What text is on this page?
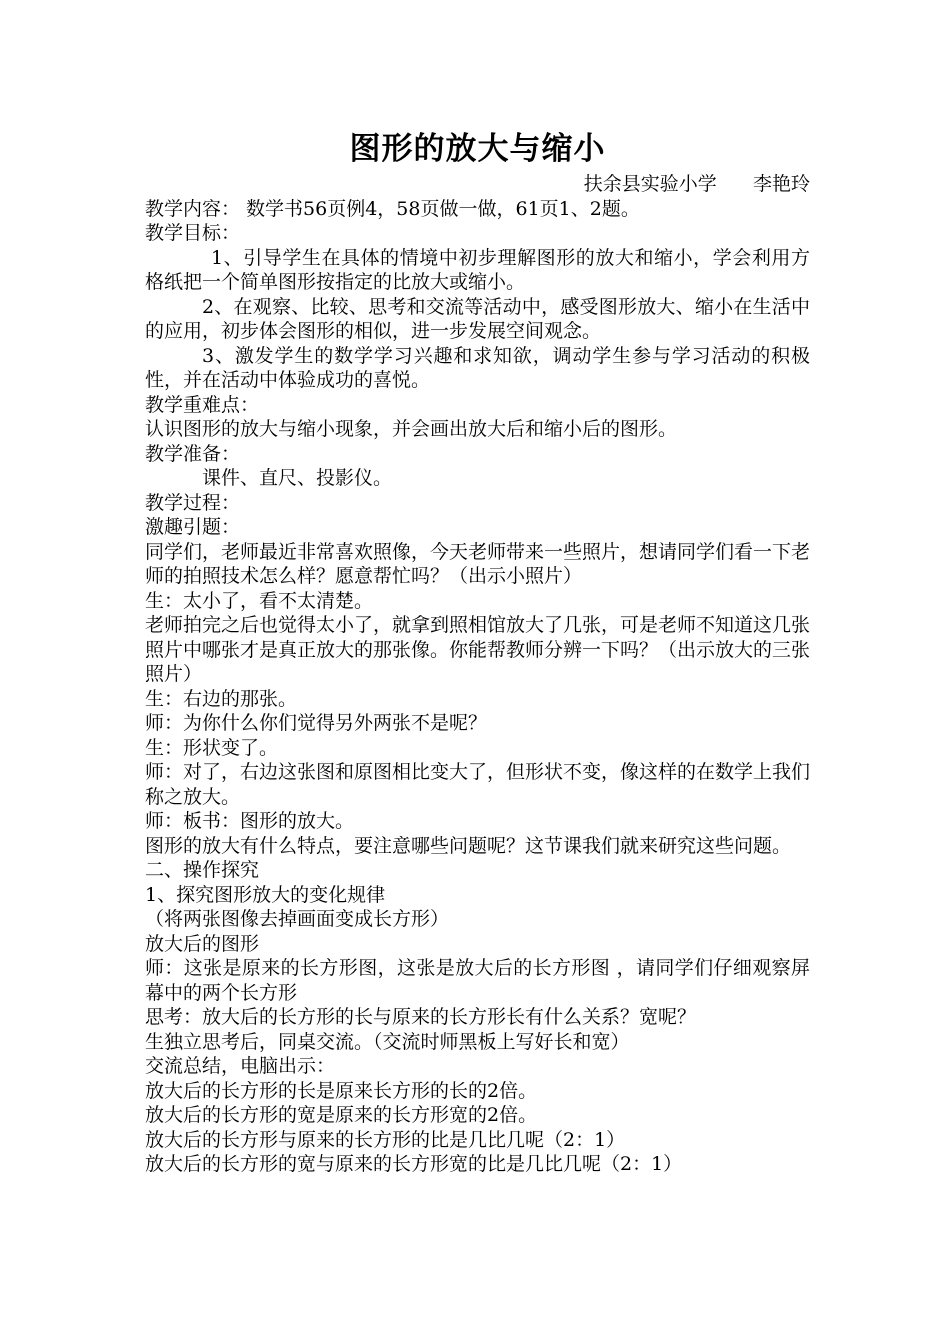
图形的放大与缩小

扶余县实验小学      李艳玲

教学内容： 数学书56页例4，58页做一做，61页1、2题。

教学目标：

1、引导学生在具体的情境中初步理解图形的放大和缩小，学会利用方格纸把一个简单图形按指定的比放大或缩小。

2、在观察、比较、思考和交流等活动中，感受图形放大、缩小在生活中的应用，初步体会图形的相似，进一步发展空间观念。

3、激发学生的数学学习兴趣和求知欲，调动学生参与学习活动的积极性，并在活动中体验成功的喜悦。

教学重难点：

认识图形的放大与缩小现象，并会画出放大后和缩小后的图形。

教学准备：

课件、直尺、投影仪。

教学过程：

激趣引题：

同学们，老师最近非常喜欢照像，今天老师带来一些照片，想请同学们看一下老师的拍照技术怎么样？愿意帮忙吗？（出示小照片）

生：太小了，看不太清楚。

老师拍完之后也觉得太小了，就拿到照相馆放大了几张，可是老师不知道这几张照片中哪张才是真正放大的那张像。你能帮教师分辨一下吗？（出示放大的三张照片）

生：右边的那张。

师：为你什么你们觉得另外两张不是呢？

生：形状变了。

师：对了，右边这张图和原图相比变大了，但形状不变，像这样的在数学上我们称之放大。

师：板书：图形的放大。

图形的放大有什么特点，要注意哪些问题呢？这节课我们就来研究这些问题。

二、操作探究

1、探究图形放大的变化规律

（将两张图像去掉画面变成长方形）

放大后的图形

师：这张是原来的长方形图，这张是放大后的长方形图 ，请同学们仔细观察屏幕中的两个长方形

思考：放大后的长方形的长与原来的长方形长有什么关系？宽呢？

生独立思考后，同桌交流。（交流时师黑板上写好长和宽）

交流总结，电脑出示：

放大后的长方形的长是原来长方形的长的2倍。

放大后的长方形的宽是原来的长方形宽的2倍。

放大后的长方形与原来的长方形的比是几比几呢（2：1）

放大后的长方形的宽与原来的长方形宽的比是几比几呢（2：1）
